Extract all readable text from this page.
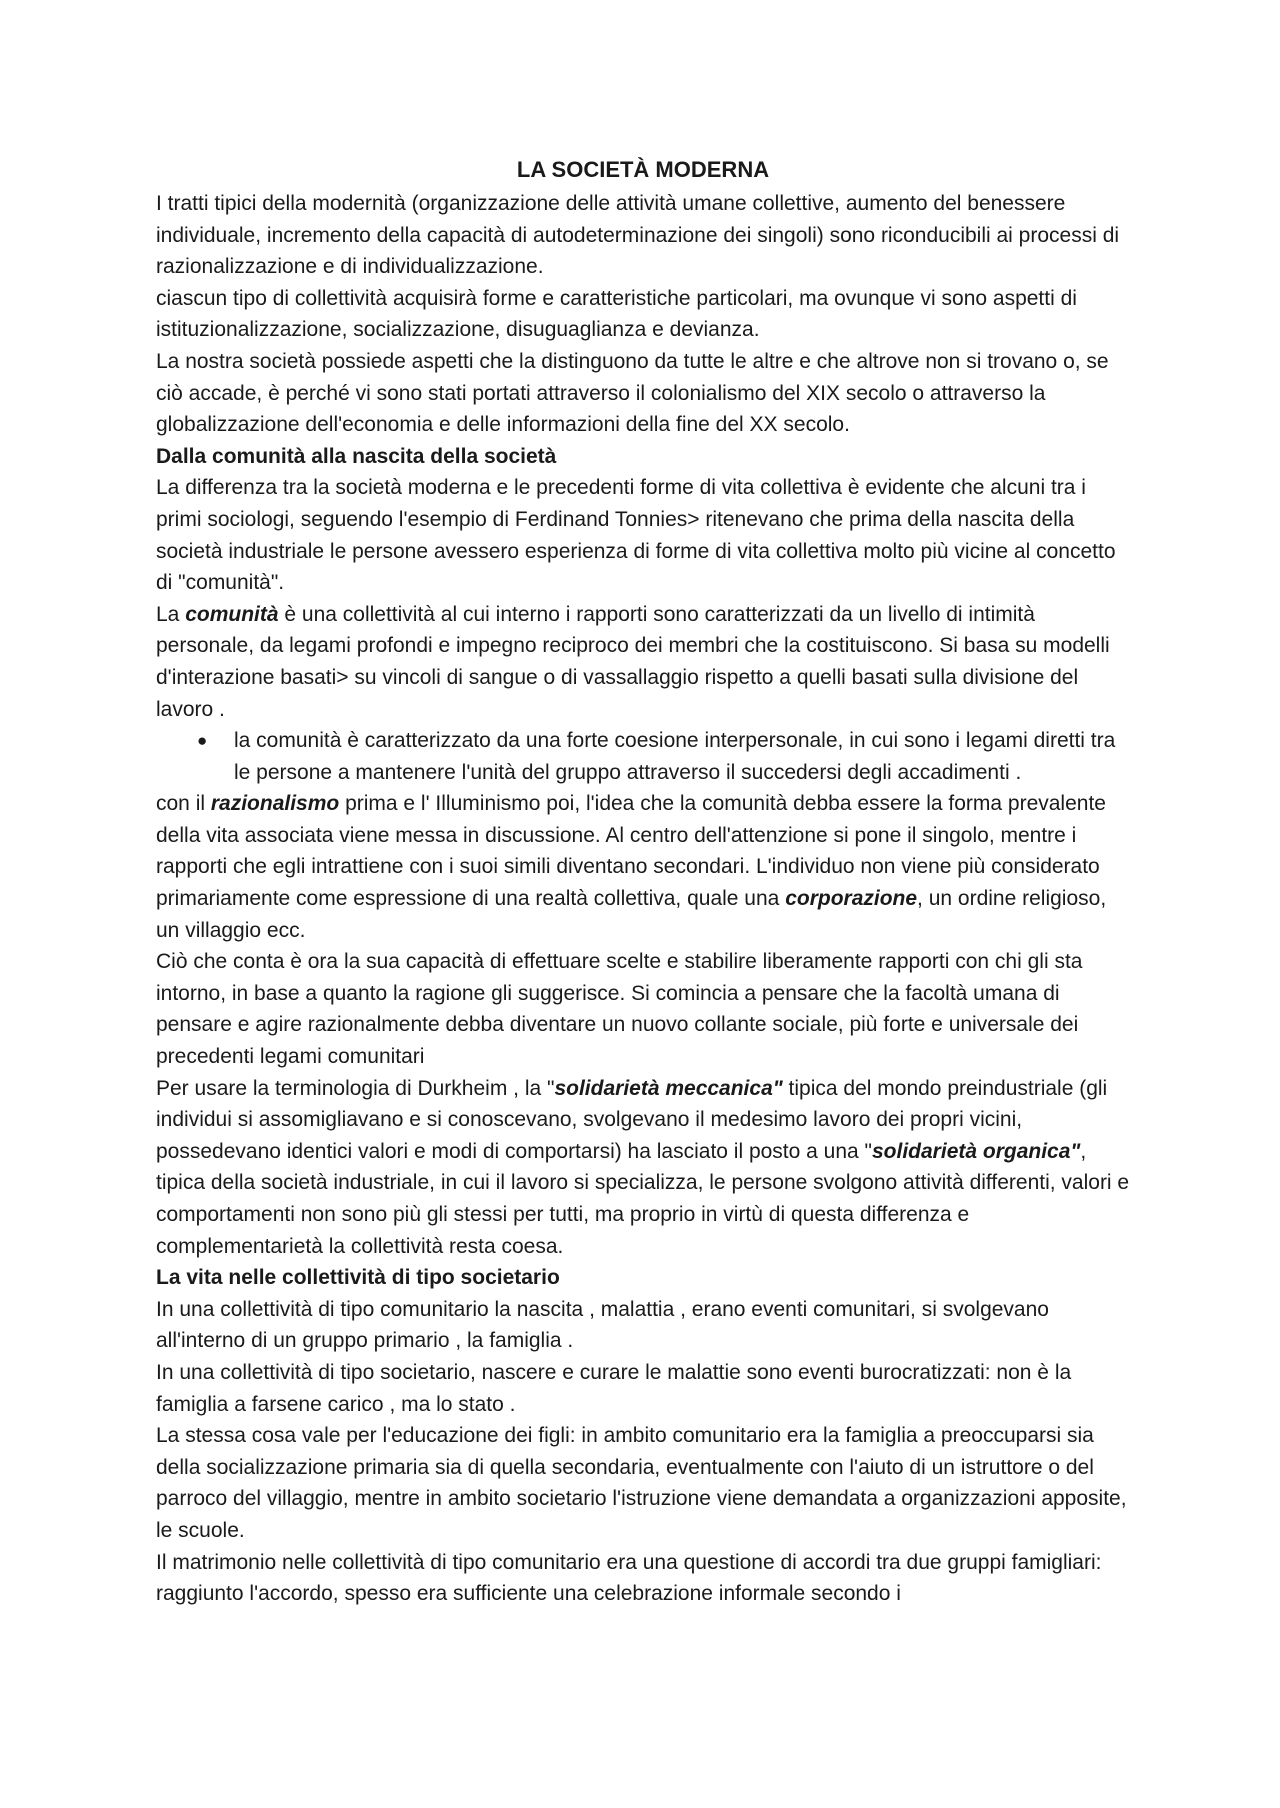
LA SOCIETÀ MODERNA

I tratti tipici della modernità (organizzazione delle attività umane collettive, aumento del benessere individuale, incremento della capacità di autodeterminazione dei singoli) sono riconducibili ai processi di razionalizzazione e di individualizzazione.

ciascun tipo di collettività acquisirà forme e caratteristiche particolari, ma ovunque vi sono aspetti di istituzionalizzazione, socializzazione, disuguaglianza e devianza.

La nostra società possiede aspetti che la distinguono da tutte le altre e che altrove non si trovano o, se ciò accade, è perché vi sono stati portati attraverso il colonialismo del XIX secolo o attraverso la globalizzazione dell'economia e delle informazioni della fine del XX secolo.

Dalla comunità alla nascita della società

La differenza tra la società moderna e le precedenti forme di vita collettiva è evidente che alcuni tra i primi sociologi, seguendo l'esempio di Ferdinand Tonnies> ritenevano che prima della nascita della società industriale le persone avessero esperienza di forme di vita collettiva molto più vicine al concetto di "comunità".

La comunità è una collettività al cui interno i rapporti sono caratterizzati da un livello di intimità personale, da legami profondi e impegno reciproco dei membri che la costituiscono. Si basa su modelli d'interazione basati> su vincoli di sangue o di vassallaggio rispetto a quelli basati sulla divisione del lavoro .

● la comunità è caratterizzato da una forte coesione interpersonale, in cui sono i legami diretti tra le persone a mantenere l'unità del gruppo attraverso il succedersi degli accadimenti .

con il razionalismo prima e l' Illuminismo poi, l'idea che la comunità debba essere la forma prevalente della vita associata viene messa in discussione. Al centro dell'attenzione si pone il singolo, mentre i rapporti che egli intrattiene con i suoi simili diventano secondari. L'individuo non viene più considerato primariamente come espressione di una realtà collettiva, quale una corporazione, un ordine religioso, un villaggio ecc.

Ciò che conta è ora la sua capacità di effettuare scelte e stabilire liberamente rapporti con chi gli sta intorno, in base a quanto la ragione gli suggerisce. Si comincia a pensare che la facoltà umana di pensare e agire razionalmente debba diventare un nuovo collante sociale, più forte e universale dei precedenti legami comunitari

Per usare la terminologia di Durkheim , la "solidarietà meccanica" tipica del mondo preindustriale (gli individui si assomigliavano e si conoscevano, svolgevano il medesimo lavoro dei propri vicini, possedevano identici valori e modi di comportarsi) ha lasciato il posto a una "solidarietà organica", tipica della società industriale, in cui il lavoro si specializza, le persone svolgono attività differenti, valori e comportamenti non sono più gli stessi per tutti, ma proprio in virtù di questa differenza e complementarietà la collettività resta coesa.

La vita nelle collettività di tipo societario

In una collettività di tipo comunitario la nascita , malattia , erano eventi comunitari, si svolgevano all'interno di un gruppo primario , la famiglia .

In una collettività di tipo societario, nascere e curare le malattie sono eventi burocratizzati: non è la famiglia a farsene carico , ma lo stato .

La stessa cosa vale per l'educazione dei figli: in ambito comunitario era la famiglia a preoccuparsi sia della socializzazione primaria sia di quella secondaria, eventualmente con l'aiuto di un istruttore o del parroco del villaggio, mentre in ambito societario l'istruzione viene demandata a organizzazioni apposite, le scuole.

Il matrimonio nelle collettività di tipo comunitario era una questione di accordi tra due gruppi famigliari: raggiunto l'accordo, spesso era sufficiente una celebrazione informale secondo i
